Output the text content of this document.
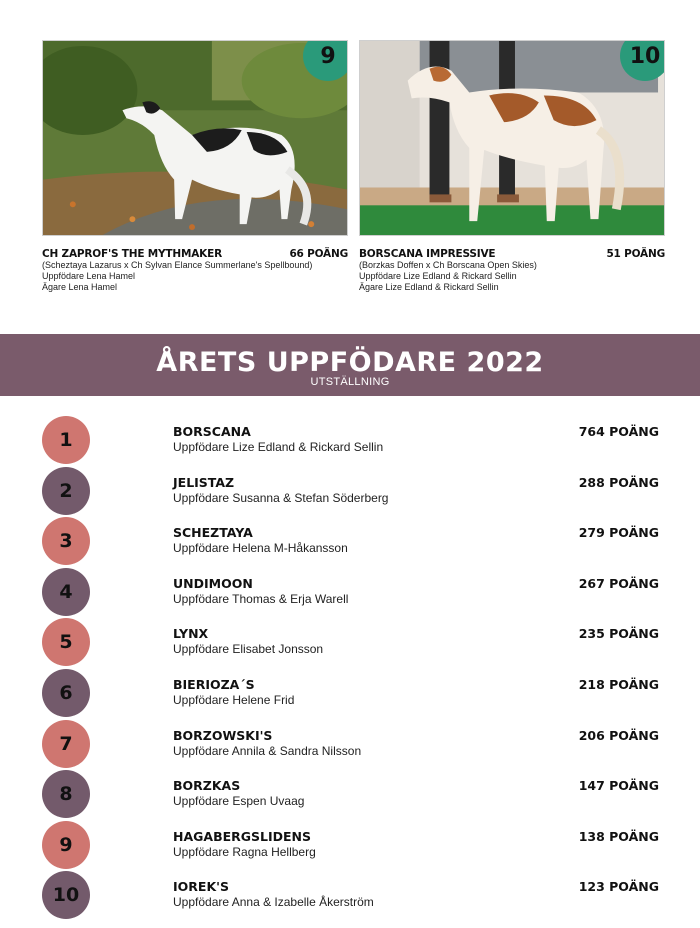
9
CH ZAPROF'S THE MYTHMAKER	66 POÄNG
(Scheztaya Lazarus x Ch Sylvan Elance Summerlane's Spellbound)
Uppfödare Lena Hamel
Ägare Lena Hamel
10
BORSCANA IMPRESSIVE	51 POÄNG
(Borzkas Doffen x Ch Borscana Open Skies)
Uppfödare Lize Edland & Rickard Sellin
Ägare Lize Edland & Rickard Sellin
ÅRETS UPPFÖDARE 2022
UTSTÄLLNING
1	BORSCANA
Uppfödare Lize Edland & Rickard Sellin
764 POÄNG
2	JELISTAZ
Uppfödare Susanna & Stefan Söderberg
288 POÄNG
3	SCHEZTAYA
Uppfödare Helena M-Håkansson
279 POÄNG
4	UNDIMOON
Uppfödare Thomas & Erja Warell
267 POÄNG
5	LYNX
Uppfödare Elisabet Jonsson
235 POÄNG
6	BIERIOZA´S
Uppfödare Helene Frid
218 POÄNG
7	BORZOWSKI'S
Uppfödare Annila & Sandra Nilsson
206 POÄNG
8	BORZKAS
Uppfödare Espen Uvaag
147 POÄNG
9	HAGABERGSLIDENS
Uppfödare Ragna Hellberg
138 POÄNG
10	IOREK'S
Uppfödare Anna & Izabelle Åkerström
123 POÄNG
